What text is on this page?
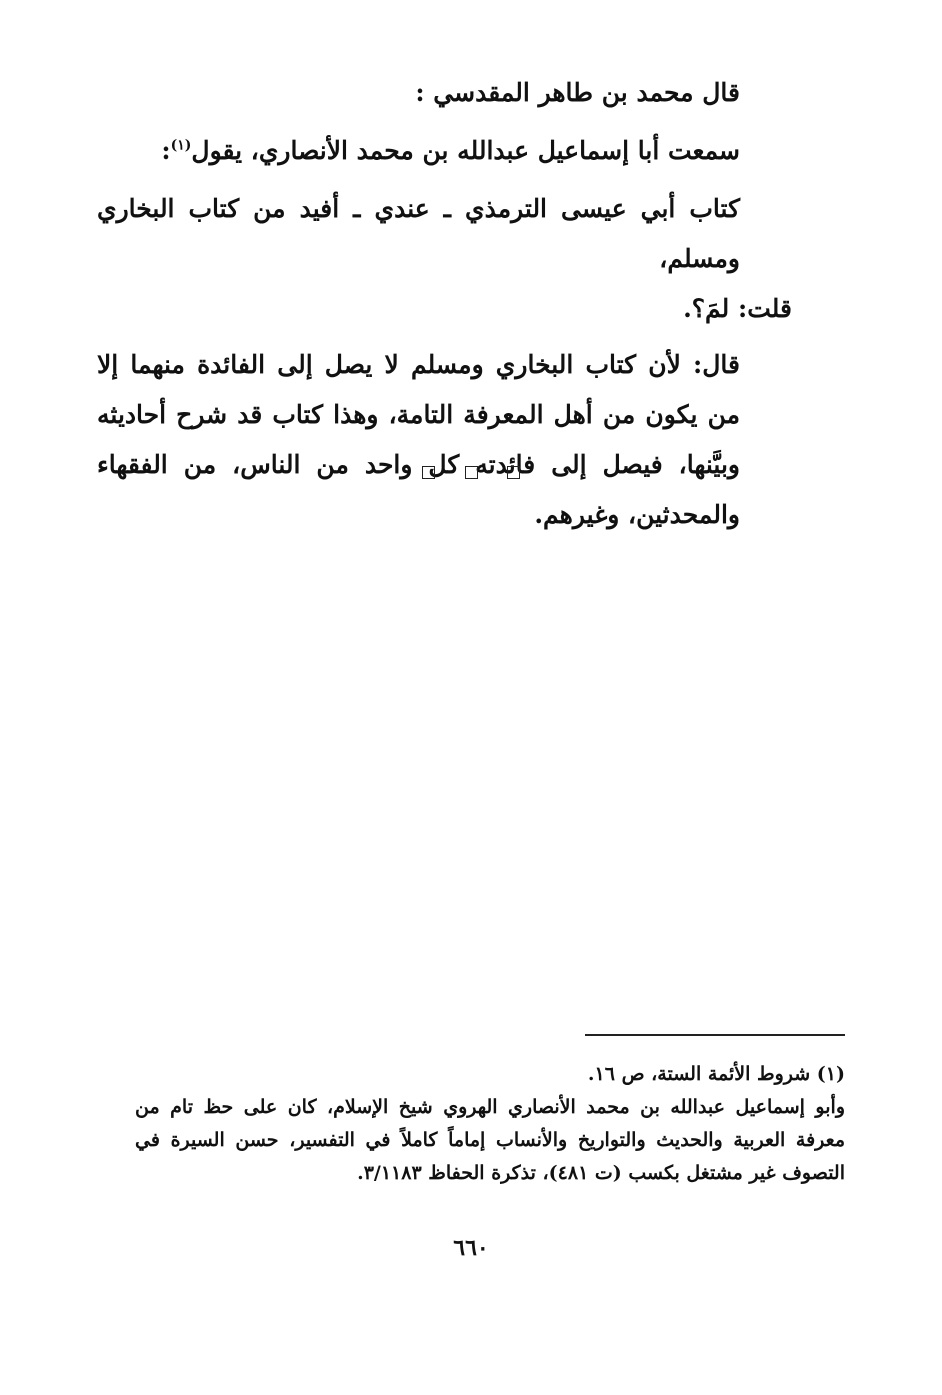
قال محمد بن طاهر المقدسي :

سمعت أبا إسماعيل عبدالله بن محمد الأنصاري، يقول$^{(١)}$:

كتاب أبي عيسى الترمذي ـ عندي ـ أفيد من كتاب البخاري ومسلم،

قلت: لمَ؟.

قال: لأن كتاب البخاري ومسلم لا يصل إلى الفائدة منهما إلا من يكون من أهل المعرفة التامة، وهذا كتاب قد شرح أحاديثه وبيَّنها، فيصل إلى فائدته كل واحد من الناس، من الفقهاء والمحدثين، وغيرهم.

(١) شروط الأئمة الستة، ص ١٦.

وأبو إسماعيل عبدالله بن محمد الأنصاري الهروي شيخ الإسلام، كان على حظ تام من معرفة العربية والحديث والتواريخ والأنساب إماماً كاملاً في التفسير، حسن السيرة في التصوف غير مشتغل بكسب (ت ٤٨١)، تذكرة الحفاظ ٣/١١٨٣.

٦٦٠
